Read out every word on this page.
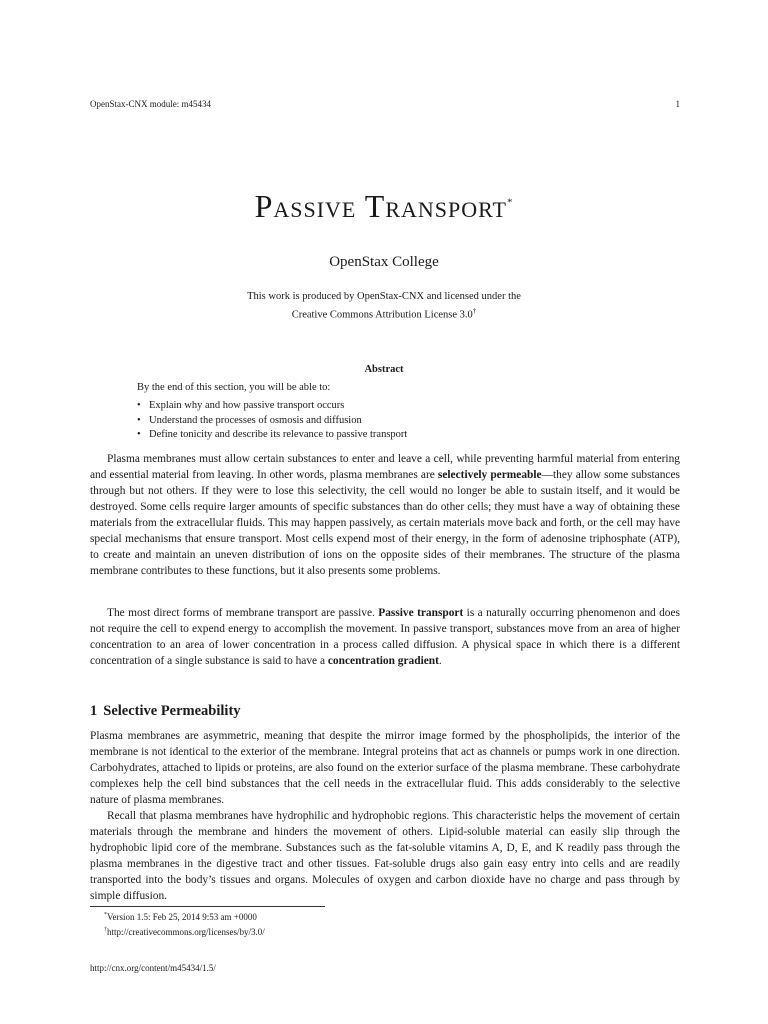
OpenStax-CNX module: m45434	1
Passive Transport*
OpenStax College
This work is produced by OpenStax-CNX and licensed under the
Creative Commons Attribution License 3.0†
Abstract

By the end of this section, you will be able to:

• Explain why and how passive transport occurs
• Understand the processes of osmosis and diffusion
• Define tonicity and describe its relevance to passive transport

Plasma membranes must allow certain substances to enter and leave a cell, while preventing harmful material from entering and essential material from leaving. In other words, plasma membranes are selectively permeable—they allow some substances through but not others. If they were to lose this selectivity, the cell would no longer be able to sustain itself, and it would be destroyed. Some cells require larger amounts of specific substances than do other cells; they must have a way of obtaining these materials from the extracellular fluids. This may happen passively, as certain materials move back and forth, or the cell may have special mechanisms that ensure transport. Most cells expend most of their energy, in the form of adenosine triphosphate (ATP), to create and maintain an uneven distribution of ions on the opposite sides of their membranes. The structure of the plasma membrane contributes to these functions, but it also presents some problems.

The most direct forms of membrane transport are passive. Passive transport is a naturally occurring phenomenon and does not require the cell to expend energy to accomplish the movement. In passive transport, substances move from an area of higher concentration to an area of lower concentration in a process called diffusion. A physical space in which there is a different concentration of a single substance is said to have a concentration gradient.

1 Selective Permeability

Plasma membranes are asymmetric, meaning that despite the mirror image formed by the phospholipids, the interior of the membrane is not identical to the exterior of the membrane. Integral proteins that act as channels or pumps work in one direction. Carbohydrates, attached to lipids or proteins, are also found on the exterior surface of the plasma membrane. These carbohydrate complexes help the cell bind substances that the cell needs in the extracellular fluid. This adds considerably to the selective nature of plasma membranes.

Recall that plasma membranes have hydrophilic and hydrophobic regions. This characteristic helps the movement of certain materials through the membrane and hinders the movement of others. Lipid-soluble material can easily slip through the hydrophobic lipid core of the membrane. Substances such as the fat-soluble vitamins A, D, E, and K readily pass through the plasma membranes in the digestive tract and other tissues. Fat-soluble drugs also gain easy entry into cells and are readily transported into the body’s tissues and organs. Molecules of oxygen and carbon dioxide have no charge and pass through by simple diffusion.

*Version 1.5: Feb 25, 2014 9:53 am +0000
†http://creativecommons.org/licenses/by/3.0/
http://cnx.org/content/m45434/1.5/
